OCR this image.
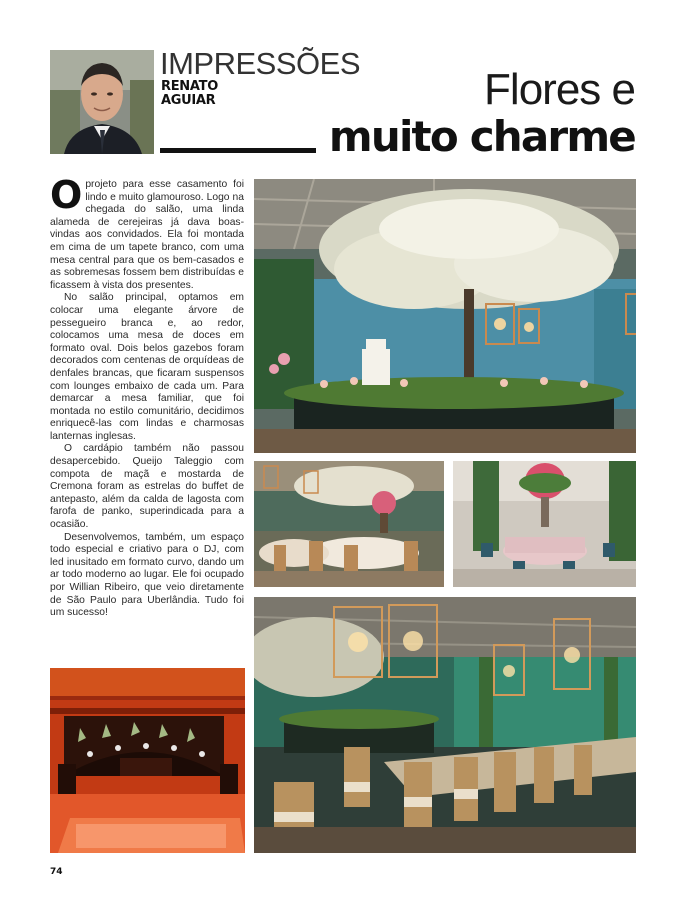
IMPRESSÕES
RENATO
AGUIAR	Flores e
muito charme

Oprojeto para esse casamento foi lindo e muito glamouroso. Logo na chegada do salão, uma linda alameda de cerejeiras já dava boas-vindas aos convidados. Ela foi montada em cima de um tapete branco, com uma mesa central para que os bem-casados e as sobremesas fossem bem distribuídas e ficassem à vista dos presentes.

No salão principal, optamos em colocar uma elegante árvore de pessegueiro branca e, ao redor, colocamos uma mesa de doces em formato oval. Dois belos gazebos foram decorados com centenas de orquídeas de denfales brancas, que ficaram suspensos com lounges embaixo de cada um. Para demarcar a mesa familiar, que foi montada no estilo comunitário, decidimos enriquecê-las com lindas e charmosas lanternas inglesas.

O cardápio também não passou desapercebido. Queijo Taleggio com compota de maçã e mostarda de Cremona foram as estrelas do buffet de antepasto, além da calda de lagosta com farofa de panko, superindicada para a ocasião.

Desenvolvemos, também, um espaço todo especial e criativo para o DJ, com led inusitado em formato curvo, dando um ar todo moderno ao lugar. Ele foi ocupado por Willian Ribeiro, que veio diretamente de São Paulo para Uberlândia. Tudo foi um sucesso!

74
